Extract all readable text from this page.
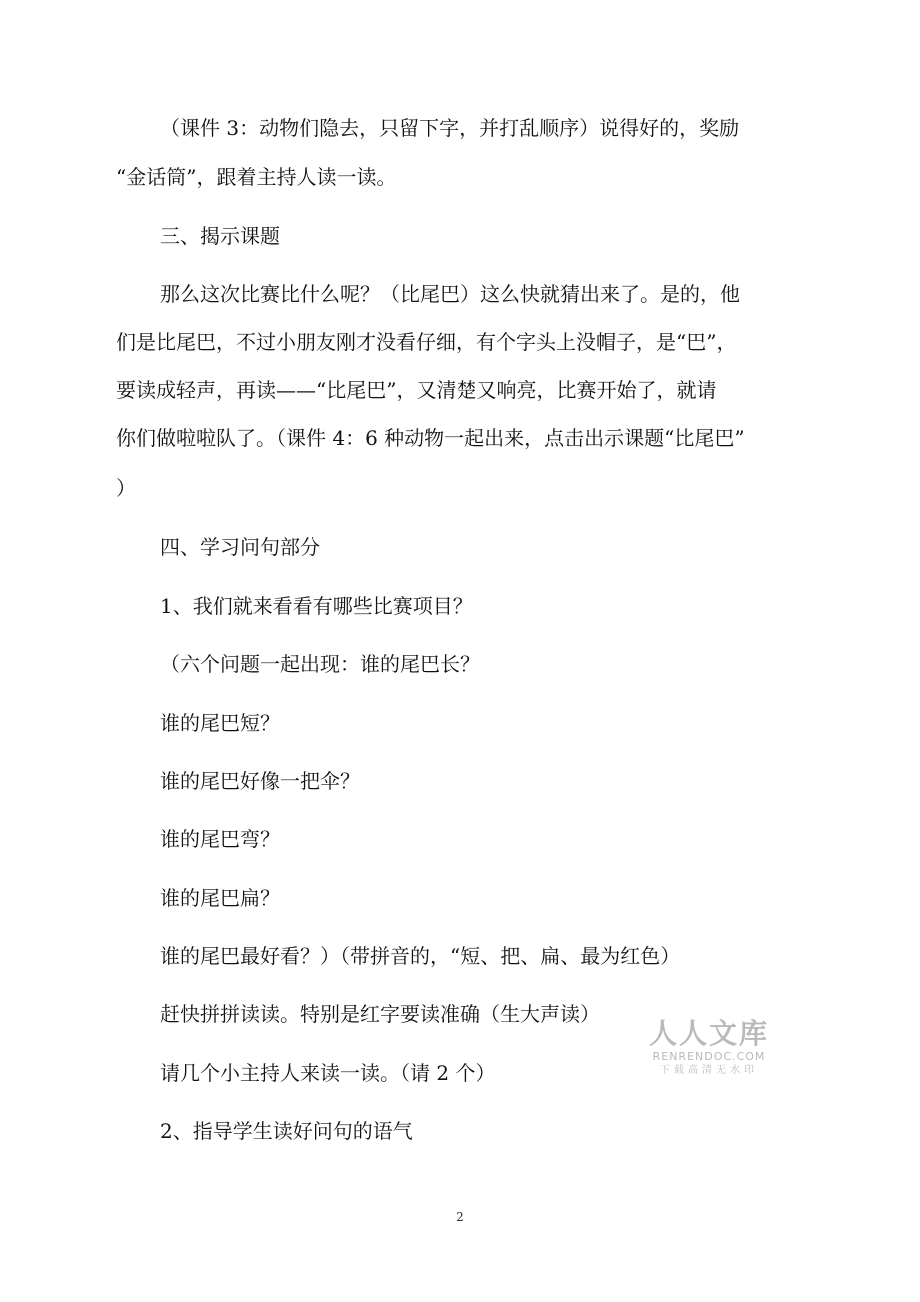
（课件 3：动物们隐去，只留下字，并打乱顺序）说得好的，奖励
“金话筒”，跟着主持人读一读。
三、揭示课题
那么这次比赛比什么呢？（比尾巴）这么快就猜出来了。是的，他
们是比尾巴，不过小朋友刚才没看仔细，有个字头上没帽子，是“巴”，
要读成轻声，再读——“比尾巴”，又清楚又响亮，比赛开始了，就请
你们做啦啦队了。（课件 4：6 种动物一起出来，点击出示课题“比尾巴”
）
四、学习问句部分
1、我们就来看看有哪些比赛项目？
（六个问题一起出现：谁的尾巴长？
谁的尾巴短？
谁的尾巴好像一把伞？
谁的尾巴弯？
谁的尾巴扁？
谁的尾巴最好看？）（带拼音的，“短、把、扁、最为红色）
赶快拼拼读读。特别是红字要读准确（生大声读）
请几个小主持人来读一读。（请 2 个）
2、指导学生读好问句的语气
人人文库
RENRENDOC.COM
下载高清无水印
2
